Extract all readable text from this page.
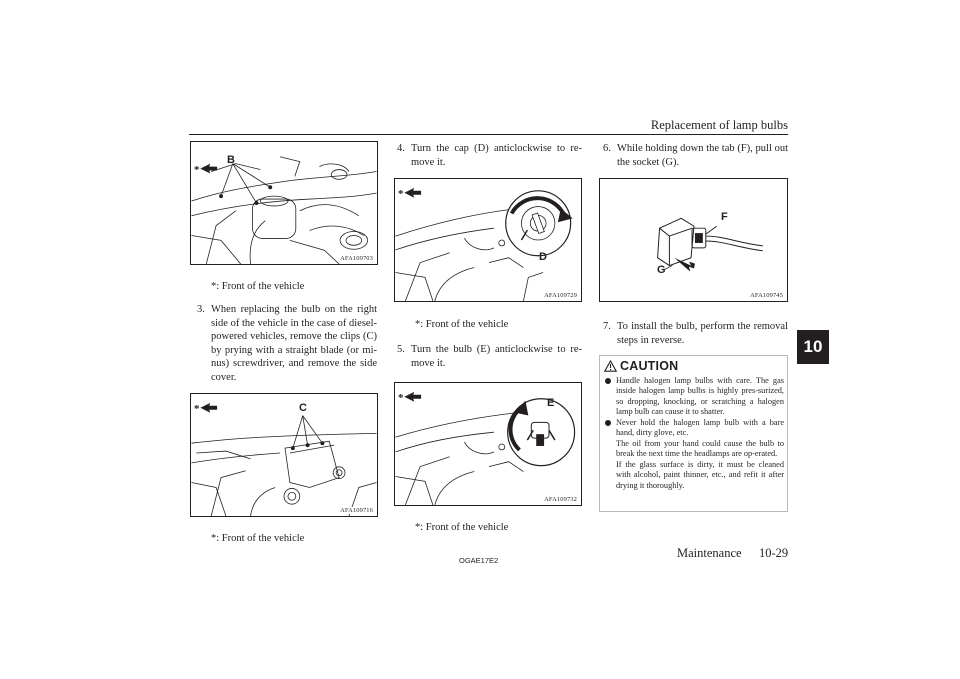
Replacement of lamp bulbs
10
*
B
AFA109703
*: Front of the vehicle
3. When replacing the bulb on the right side of the vehicle in the case of diesel-powered vehicles, remove the clips (C) by prying with a straight blade (or mi-nus) screwdriver, and remove the side cover.
*	C
AFA109716
*: Front of the vehicle
4. Turn the cap (D) anticlockwise to re-move it.
*
D
AFA109729
*: Front of the vehicle
5. Turn the bulb (E) anticlockwise to re-move it.
*	E
AFA109732
*: Front of the vehicle
6. While holding down the tab (F), pull out the socket (G).
F
G
AFA109745
7. To install the bulb, perform the removal steps in reverse.
CAUTION

Handle halogen lamp bulbs with care. The gas inside halogen lamp bulbs is highly pres-surized, so dropping, knocking, or scratching a halogen lamp bulb can cause it to shatter.

Never hold the halogen lamp bulb with a bare hand, dirty glove, etc.

The oil from your hand could cause the bulb to break the next time the headlamps are op-erated.

If the glass surface is dirty, it must be cleaned with alcohol, paint thinner, etc., and refit it after drying it thoroughly.

OGAE17E2
Maintenance 10-29
